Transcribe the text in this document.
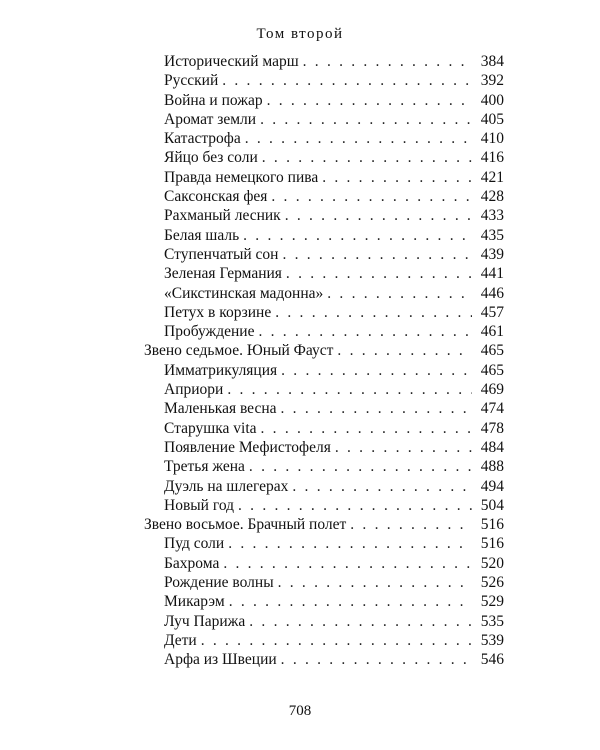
Том второй
Исторический марш . . .	384
Русский . . .	392
Война и пожар . . .	400
Аромат земли . . .	405
Катастрофа . . .	410
Яйцо без соли . . .	416
Правда немецкого пива . . .	421
Саксонская фея . . .	428
Рахманый лесник . . .	433
Белая шаль . . .	435
Ступенчатый сон . . .	439
Зеленая Германия . . .	441
«Сикстинская мадонна» . . .	446
Петух в корзине . . .	457
Пробуждение . . .	461
Звено седьмое. Юный Фауст . . .	465
Имматрикуляция . . .	465
Априори . . .	469
Маленькая весна . . .	474
Старушка vita . . .	478
Появление Мефистофеля . . .	484
Третья жена . . .	488
Дуэль на шлегерах . . .	494
Новый год . . .	504
Звено восьмое. Брачный полет . . .	516
Пуд соли . . .	516
Бахрома . . .	520
Рождение волны . . .	526
Микарэм . . .	529
Луч Парижа . . .	535
Дети . . .	539
Арфа из Швеции . . .	546
708
